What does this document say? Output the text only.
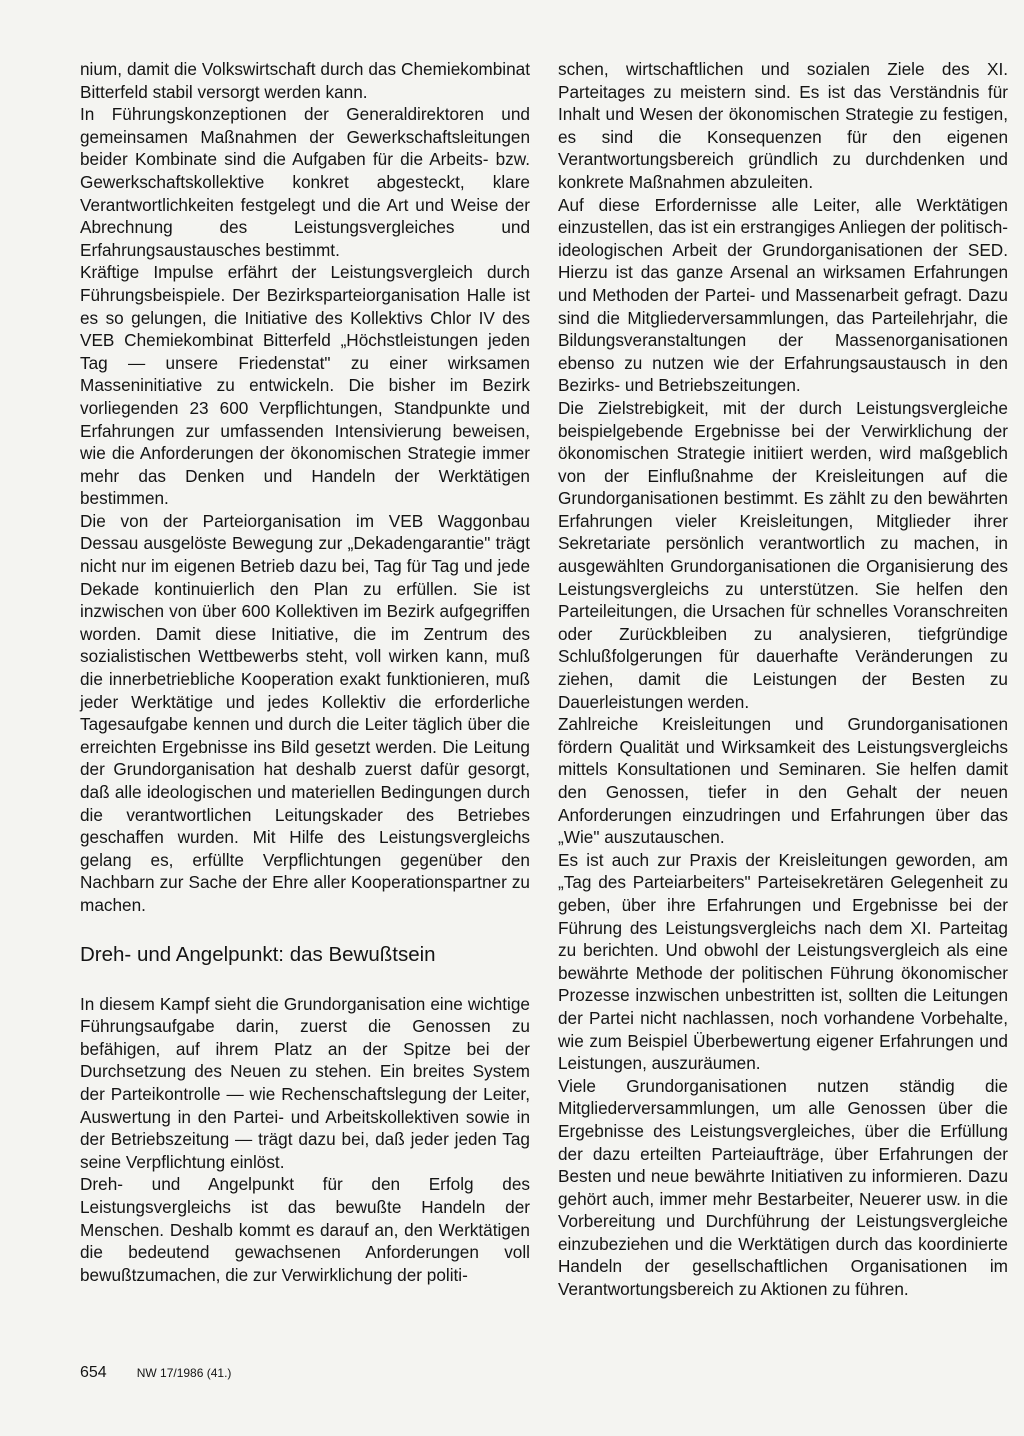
nium, damit die Volkswirtschaft durch das Chemiekombinat Bitterfeld stabil versorgt werden kann.

In Führungskonzeptionen der Generaldirektoren und gemeinsamen Maßnahmen der Gewerkschaftsleitungen beider Kombinate sind die Aufgaben für die Arbeits- bzw. Gewerkschaftskollektive konkret abgesteckt, klare Verantwortlichkeiten festgelegt und die Art und Weise der Abrechnung des Leistungsvergleiches und Erfahrungsaustausches bestimmt.

Kräftige Impulse erfährt der Leistungsvergleich durch Führungsbeispiele. Der Bezirksparteiorganisation Halle ist es so gelungen, die Initiative des Kollektivs Chlor IV des VEB Chemiekombinat Bitterfeld „Höchstleistungen jeden Tag — unsere Friedenstat" zu einer wirksamen Masseninitiative zu entwickeln. Die bisher im Bezirk vorliegenden 23 600 Verpflichtungen, Standpunkte und Erfahrungen zur umfassenden Intensivierung beweisen, wie die Anforderungen der ökonomischen Strategie immer mehr das Denken und Handeln der Werktätigen bestimmen.

Die von der Parteiorganisation im VEB Waggonbau Dessau ausgelöste Bewegung zur „Dekadengarantie" trägt nicht nur im eigenen Betrieb dazu bei, Tag für Tag und jede Dekade kontinuierlich den Plan zu erfüllen. Sie ist inzwischen von über 600 Kollektiven im Bezirk aufgegriffen worden. Damit diese Initiative, die im Zentrum des sozialistischen Wettbewerbs steht, voll wirken kann, muß die innerbetriebliche Kooperation exakt funktionieren, muß jeder Werktätige und jedes Kollektiv die erforderliche Tagesaufgabe kennen und durch die Leiter täglich über die erreichten Ergebnisse ins Bild gesetzt werden. Die Leitung der Grundorganisation hat deshalb zuerst dafür gesorgt, daß alle ideologischen und materiellen Bedingungen durch die verantwortlichen Leitungskader des Betriebes geschaffen wurden. Mit Hilfe des Leistungsvergleichs gelang es, erfüllte Verpflichtungen gegenüber den Nachbarn zur Sache der Ehre aller Kooperationspartner zu machen.

Dreh- und Angelpunkt: das Bewußtsein

In diesem Kampf sieht die Grundorganisation eine wichtige Führungsaufgabe darin, zuerst die Genossen zu befähigen, auf ihrem Platz an der Spitze bei der Durchsetzung des Neuen zu stehen. Ein breites System der Parteikontrolle — wie Rechenschaftslegung der Leiter, Auswertung in den Partei- und Arbeitskollektiven sowie in der Betriebszeitung — trägt dazu bei, daß jeder jeden Tag seine Verpflichtung einlöst.

Dreh- und Angelpunkt für den Erfolg des Leistungsvergleichs ist das bewußte Handeln der Menschen. Deshalb kommt es darauf an, den Werktätigen die bedeutend gewachsenen Anforderungen voll bewußtzumachen, die zur Verwirklichung der politi-

schen, wirtschaftlichen und sozialen Ziele des XI. Parteitages zu meistern sind. Es ist das Verständnis für Inhalt und Wesen der ökonomischen Strategie zu festigen, es sind die Konsequenzen für den eigenen Verantwortungsbereich gründlich zu durchdenken und konkrete Maßnahmen abzuleiten.

Auf diese Erfordernisse alle Leiter, alle Werktätigen einzustellen, das ist ein erstrangiges Anliegen der politisch-ideologischen Arbeit der Grundorganisationen der SED. Hierzu ist das ganze Arsenal an wirksamen Erfahrungen und Methoden der Partei- und Massenarbeit gefragt. Dazu sind die Mitgliederversammlungen, das Parteilehrjahr, die Bildungsveranstaltungen der Massenorganisationen ebenso zu nutzen wie der Erfahrungsaustausch in den Bezirks- und Betriebszeitungen.

Die Zielstrebigkeit, mit der durch Leistungsvergleiche beispielgebende Ergebnisse bei der Verwirklichung der ökonomischen Strategie initiiert werden, wird maßgeblich von der Einflußnahme der Kreisleitungen auf die Grundorganisationen bestimmt. Es zählt zu den bewährten Erfahrungen vieler Kreisleitungen, Mitglieder ihrer Sekretariate persönlich verantwortlich zu machen, in ausgewählten Grundorganisationen die Organisierung des Leistungsvergleichs zu unterstützen. Sie helfen den Parteileitungen, die Ursachen für schnelles Voranschreiten oder Zurückbleiben zu analysieren, tiefgründige Schlußfolgerungen für dauerhafte Veränderungen zu ziehen, damit die Leistungen der Besten zu Dauerleistungen werden.

Zahlreiche Kreisleitungen und Grundorganisationen fördern Qualität und Wirksamkeit des Leistungsvergleichs mittels Konsultationen und Seminaren. Sie helfen damit den Genossen, tiefer in den Gehalt der neuen Anforderungen einzudringen und Erfahrungen über das „Wie" auszutauschen.

Es ist auch zur Praxis der Kreisleitungen geworden, am „Tag des Parteiarbeiters" Parteisekretären Gelegenheit zu geben, über ihre Erfahrungen und Ergebnisse bei der Führung des Leistungsvergleichs nach dem XI. Parteitag zu berichten. Und obwohl der Leistungsvergleich als eine bewährte Methode der politischen Führung ökonomischer Prozesse inzwischen unbestritten ist, sollten die Leitungen der Partei nicht nachlassen, noch vorhandene Vorbehalte, wie zum Beispiel Überbewertung eigener Erfahrungen und Leistungen, auszuräumen.

Viele Grundorganisationen nutzen ständig die Mitgliederversammlungen, um alle Genossen über die Ergebnisse des Leistungsvergleiches, über die Erfüllung der dazu erteilten Parteiaufträge, über Erfahrungen der Besten und neue bewährte Initiativen zu informieren. Dazu gehört auch, immer mehr Bestarbeiter, Neuerer usw. in die Vorbereitung und Durchführung der Leistungsvergleiche einzubeziehen und die Werktätigen durch das koordinierte Handeln der gesellschaftlichen Organisationen im Verantwortungsbereich zu Aktionen zu führen.

654	NW 17/1986 (41.)
